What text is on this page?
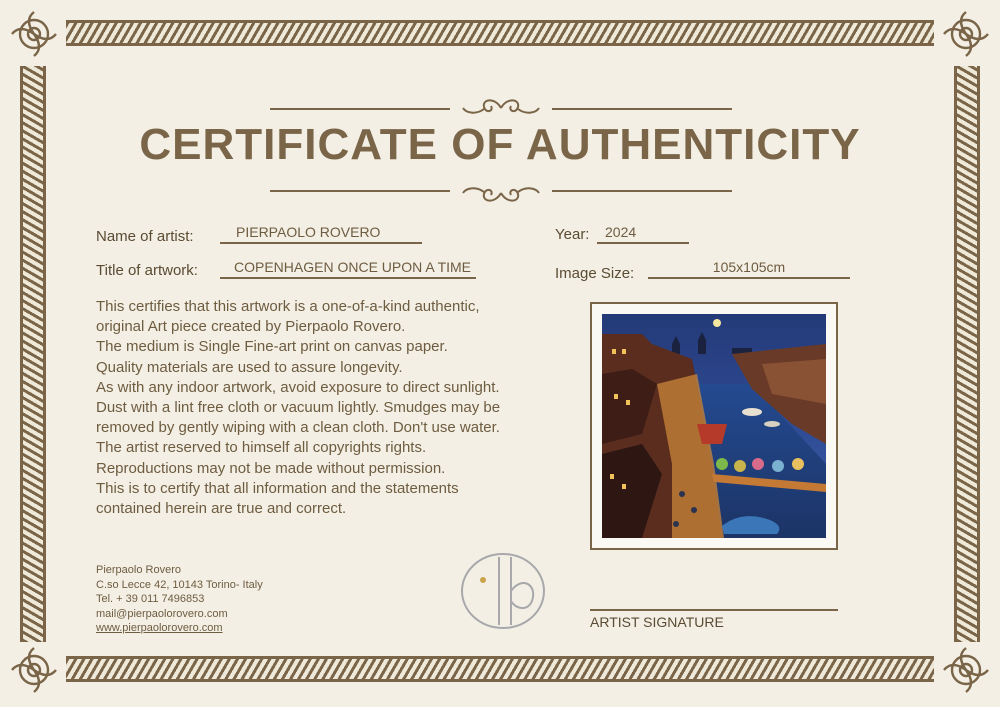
CERTIFICATE OF AUTHENTICITY
Name of artist:	PIERPAOLO ROVERO
Title of artwork:	COPENHAGEN ONCE UPON A TIME
Year:	2024
Image Size:	105x105cm
This certifies that this artwork is a one-of-a-kind authentic,
original Art piece created by Pierpaolo Rovero.
The medium is Single Fine-art print on canvas paper.
Quality materials are used to assure longevity.
As with any indoor artwork, avoid exposure to direct sunlight.
Dust with a lint free cloth or vacuum lightly. Smudges may be
removed by gently wiping with a clean cloth. Don't use water.
The artist reserved to himself all copyrights rights.
Reproductions may not be made without permission.
This is to certify that all information and the statements
contained herein are true and correct.
Pierpaolo Rovero
C.so Lecce 42, 10143 Torino- Italy
Tel. + 39 011 7496853
mail@pierpaolorovero.com
www.pierpaolorovero.com	ARTIST SIGNATURE
